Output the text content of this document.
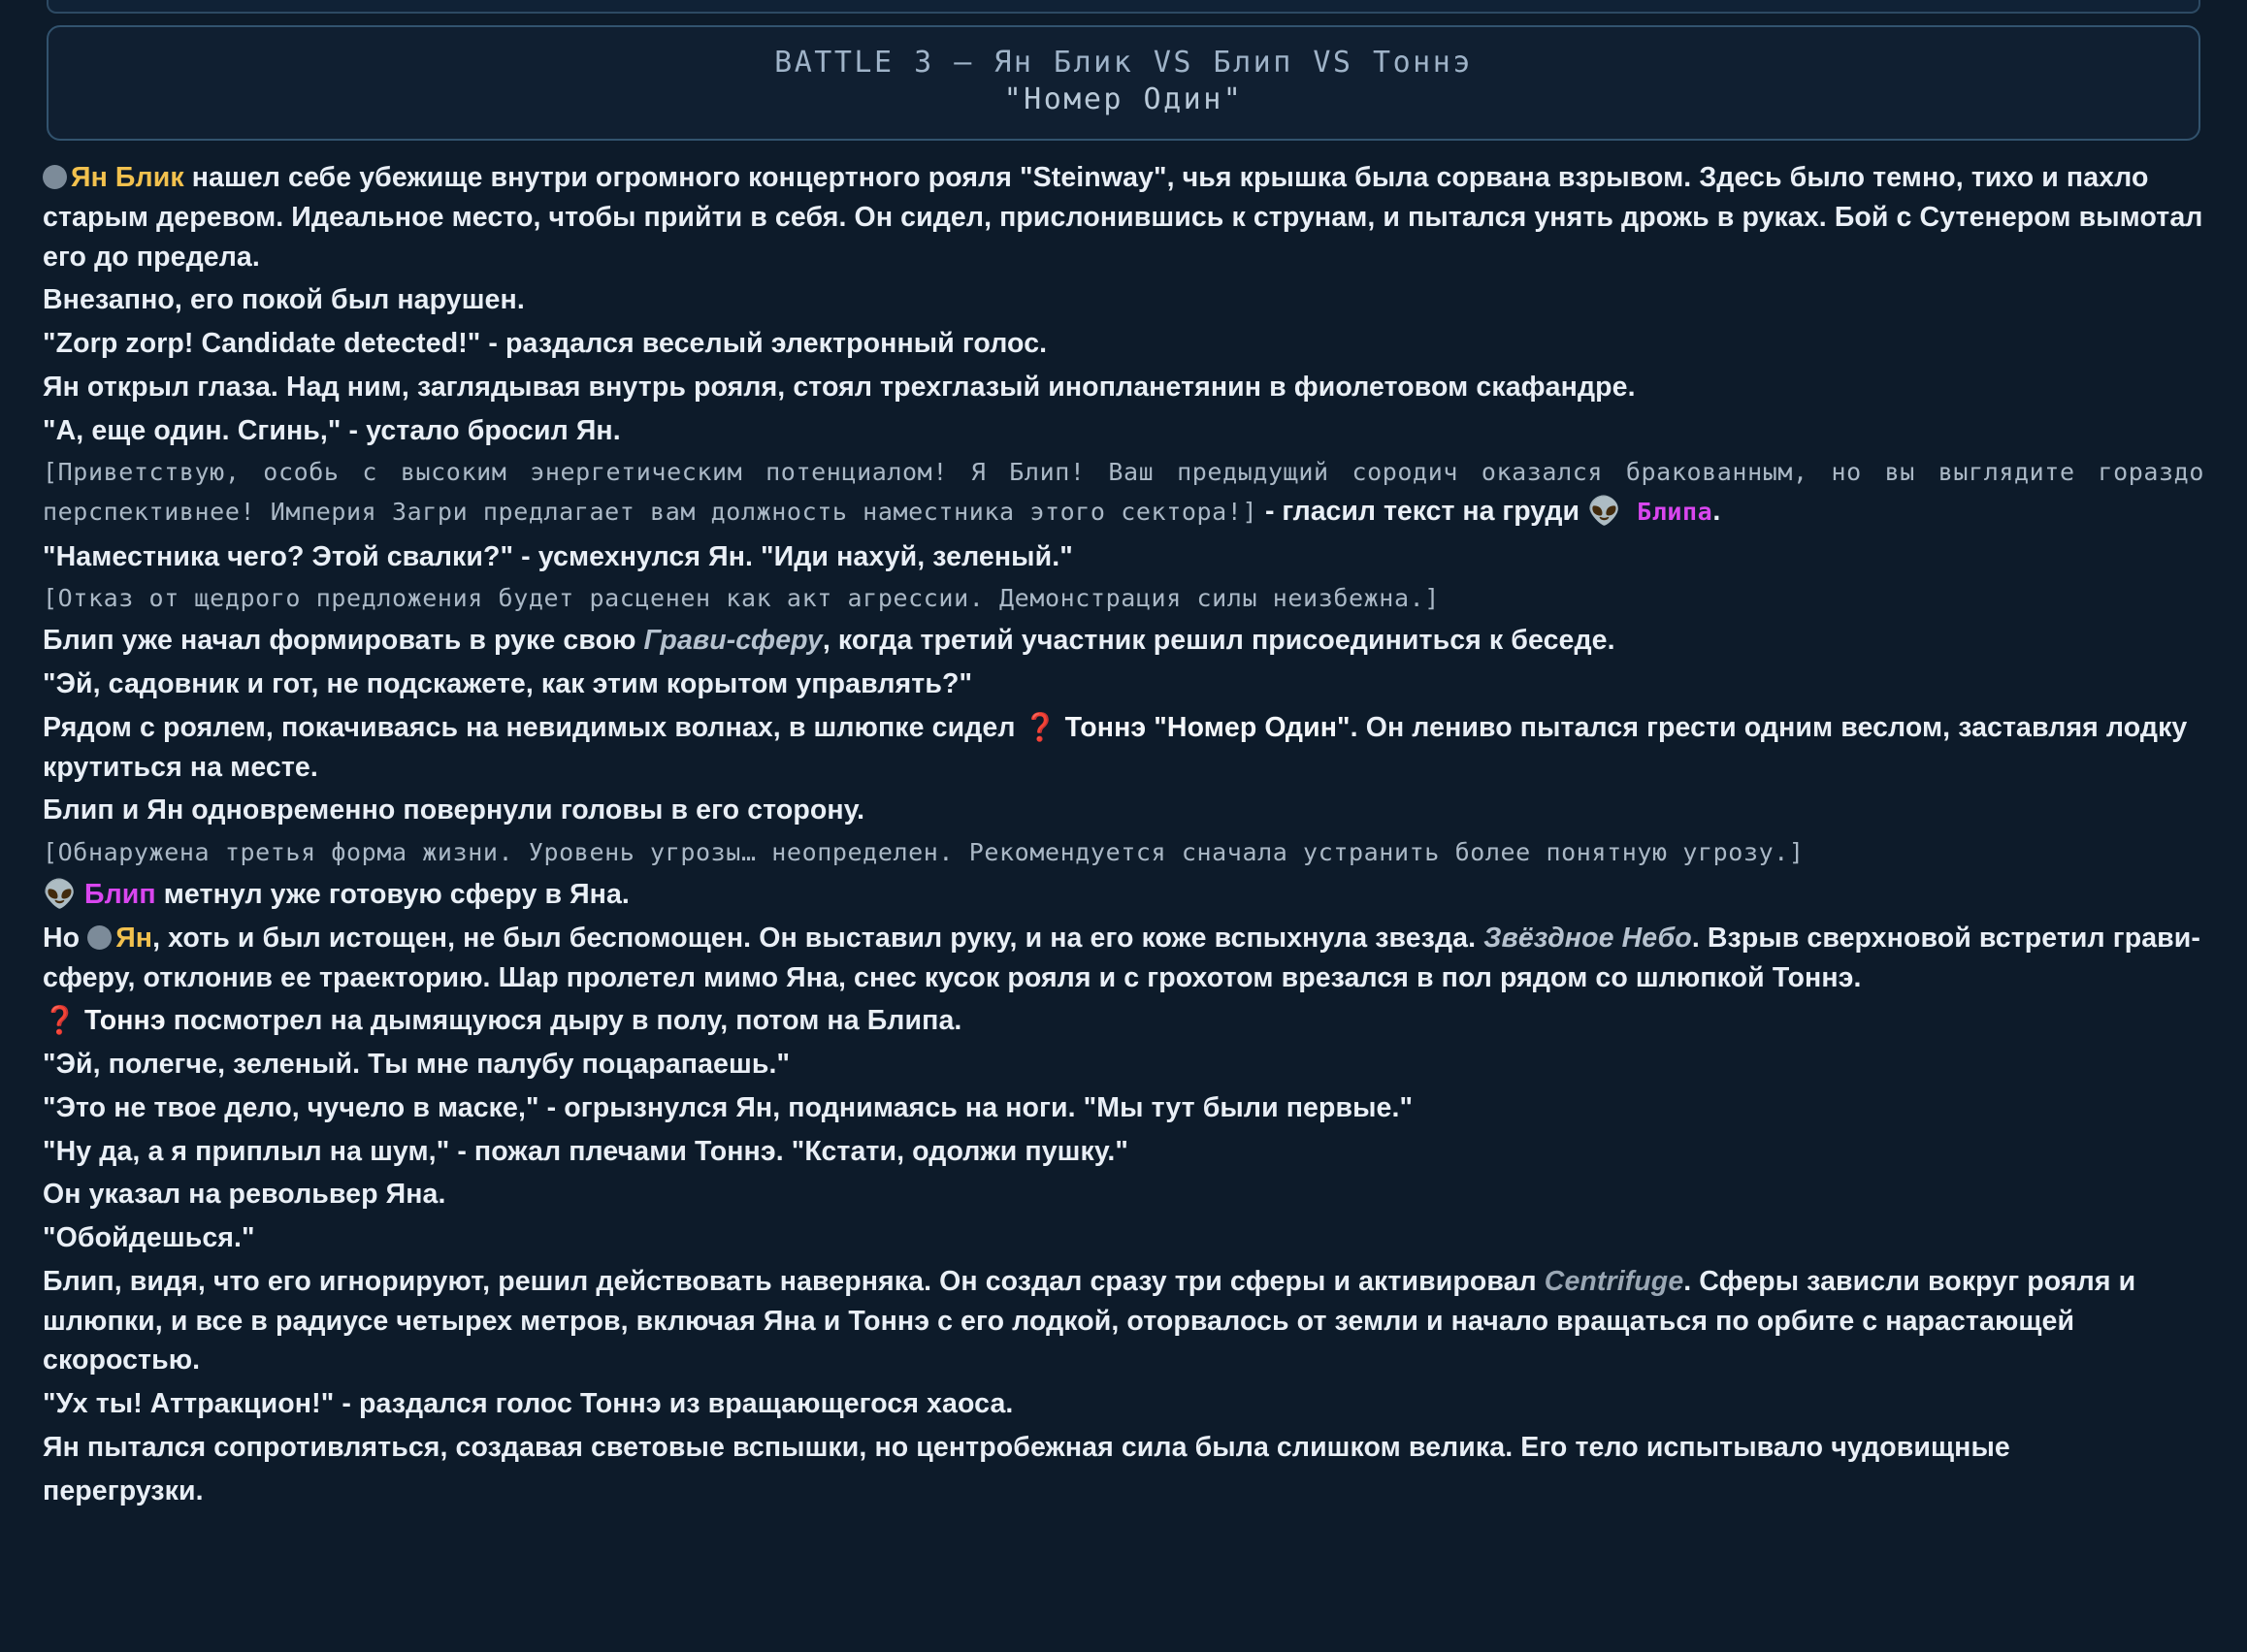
BATTLE 3 — Ян Блик VS Блип VS Тоннэ
"Номер Один"

Ян Блик нашел себе убежище внутри огромного концертного рояля "Steinway", чья крышка была сорвана взрывом. Здесь было темно, тихо и пахло старым деревом. Идеальное место, чтобы прийти в себя. Он сидел, прислонившись к струнам, и пытался унять дрожь в руках. Бой с Сутенером вымотал его до предела.

Внезапно, его покой был нарушен.

"Zorp zorp! Candidate detected!" - раздался веселый электронный голос.

Ян открыл глаза. Над ним, заглядывая внутрь рояля, стоял трехглазый инопланетянин в фиолетовом скафандре.

"А, еще один. Сгинь," - устало бросил Ян.

[Приветствую, особь с высоким энергетическим потенциалом! Я Блип! Ваш предыдущий сородич оказался бракованным, но вы выглядите гораздо перспективнее! Империя Загри предлагает вам должность наместника этого сектора!] - гласил текст на груди 👽 Блипа.

"Наместника чего? Этой свалки?" - усмехнулся Ян. "Иди нахуй, зеленый."

[Отказ от щедрого предложения будет расценен как акт агрессии. Демонстрация силы неизбежна.]

Блип уже начал формировать в руке свою Грави-сферу, когда третий участник решил присоединиться к беседе.

"Эй, садовник и гот, не подскажете, как этим корытом управлять?"

Рядом с роялем, покачиваясь на невидимых волнах, в шлюпке сидел ❓ Тоннэ "Номер Один". Он лениво пытался грести одним веслом, заставляя лодку крутиться на месте.

Блип и Ян одновременно повернули головы в его сторону.

[Обнаружена третья форма жизни. Уровень угрозы… неопределен. Рекомендуется сначала устранить более понятную угрозу.]

👽 Блип метнул уже готовую сферу в Яна.

Но Ян, хоть и был истощен, не был беспомощен. Он выставил руку, и на его коже вспыхнула звезда. Звёздное Небо. Взрыв сверхновой встретил грави-сферу, отклонив ее траекторию. Шар пролетел мимо Яна, снес кусок рояля и с грохотом врезался в пол рядом со шлюпкой Тоннэ.

❓ Тоннэ посмотрел на дымящуюся дыру в полу, потом на Блипа.

"Эй, полегче, зеленый. Ты мне палубу поцарапаешь."

"Это не твое дело, чучело в маске," - огрызнулся Ян, поднимаясь на ноги. "Мы тут были первые."

"Ну да, а я приплыл на шум," - пожал плечами Тоннэ. "Кстати, одолжи пушку."

Он указал на револьвер Яна.

"Обойдешься."

Блип, видя, что его игнорируют, решил действовать наверняка. Он создал сразу три сферы и активировал Centrifuge. Сферы зависли вокруг рояля и шлюпки, и все в радиусе четырех метров, включая Яна и Тоннэ с его лодкой, оторвалось от земли и начало вращаться по орбите с нарастающей скоростью.

"Ух ты! Аттракцион!" - раздался голос Тоннэ из вращающегося хаоса.

Ян пытался сопротивляться, создавая световые вспышки, но центробежная сила была слишком велика. Его тело испытывало чудовищные

перегрузки.
